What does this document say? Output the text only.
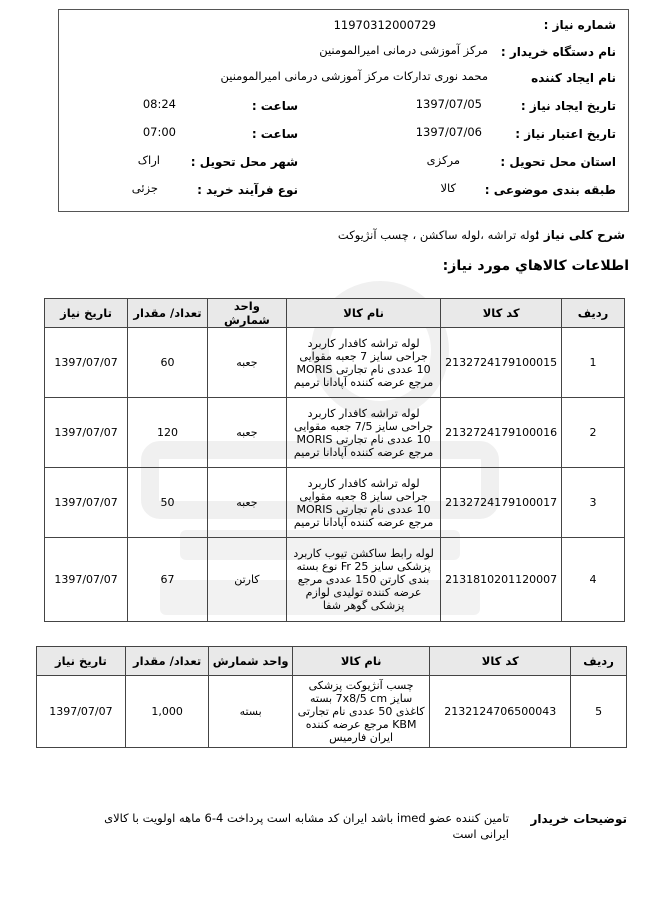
شماره نیاز :
11970312000729
نام دستگاه خریدار :
مرکز آموزشی درمانی امیرالمومنین
نام ایجاد کننده
محمد نوری تدارکات مرکز آموزشی درمانی امیرالمومنین
تاریخ ایجاد نیاز :
1397/07/05
ساعت :
08:24
تاریخ اعتبار نیاز :
1397/07/06
ساعت :
07:00
استان محل تحویل :
مرکزی
شهر محل تحویل :
اراک
طبقه بندی موضوعی :
کالا
نوع فرآیند خرید :
جزئی
شرح کلی نیاز :
لوله تراشه ،لوله ساکشن ، چسب آنژیوکت
اطلاعات کالاهاي مورد نیاز:
ردیف	کد کالا	نام کالا	واحد شمارش	تعداد/ مقدار	تاریخ نیاز
1	2132724179100015	لوله تراشه کافدار کاربرد جراحی سایز 7 جعبه مقوایی 10 عددی نام تجارتی MORIS مرجع عرضه کننده آپادانا ترمیم	جعبه	60	1397/07/07
2	2132724179100016	لوله تراشه کافدار کاربرد جراحی سایز 7/5 جعبه مقوایی 10 عددی نام تجارتی MORIS مرجع عرضه کننده آپادانا ترمیم	جعبه	120	1397/07/07
3	2132724179100017	لوله تراشه کافدار کاربرد جراحی سایز 8 جعبه مقوایی 10 عددی نام تجارتی MORIS مرجع عرضه کننده آپادانا ترمیم	جعبه	50	1397/07/07
4	2131810201120007	لوله رابط ساکشن تیوب کاربرد پزشکی سایز Fr 25 نوع بسته بندی کارتن 150 عددی مرجع عرضه کننده تولیدی لوازم پزشکی گوهر شفا	کارتن	67	1397/07/07
ردیف	کد کالا	نام کالا	واحد شمارش	تعداد/ مقدار	تاریخ نیاز
5	2132124706500043	چسب آنژیوکت پزشکی سایز 7x8/5 cm بسته کاغذی 50 عددی نام تجارتی KBM مرجع عرضه کننده ایران فارمیس	بسته	1,000	1397/07/07
توضیحات خریدار
تامین کننده عضو imed باشد ایران کد مشابه است پرداخت 4-6 ماهه اولویت با کالای ایرانی است
